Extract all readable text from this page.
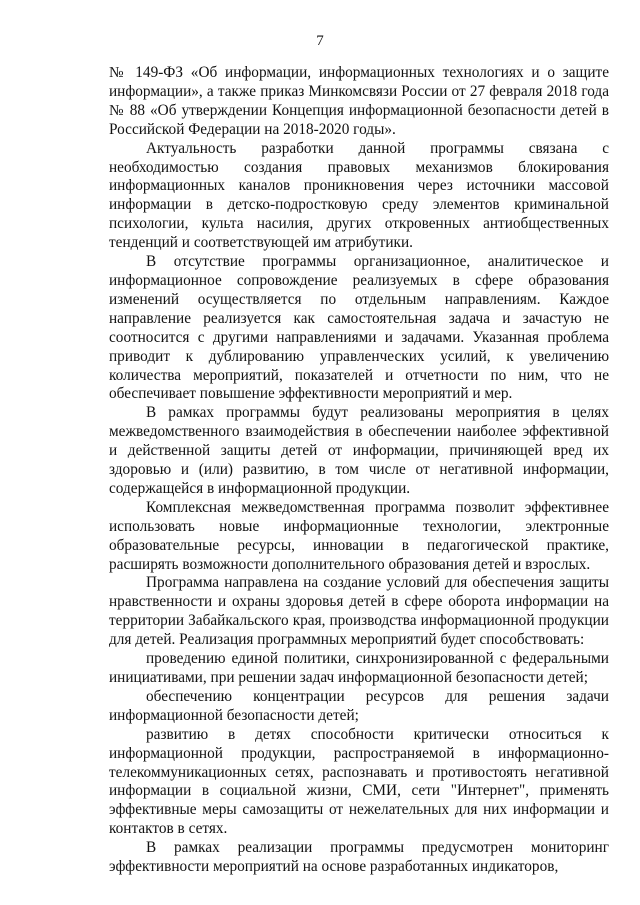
7

№ 149-ФЗ «Об информации, информационных технологиях и о защите информации», а также приказ Минкомсвязи России от 27 февраля 2018 года № 88 «Об утверждении Концепция информационной безопасности детей в Российской Федерации на 2018-2020 годы».

Актуальность разработки данной программы связана с необходимостью создания правовых механизмов блокирования информационных каналов проникновения через источники массовой информации в детско-подростковую среду элементов криминальной психологии, культа насилия, других откровенных антиобщественных тенденций и соответствующей им атрибутики.

В отсутствие программы организационное, аналитическое и информационное сопровождение реализуемых в сфере образования изменений осуществляется по отдельным направлениям. Каждое направление реализуется как самостоятельная задача и зачастую не соотносится с другими направлениями и задачами. Указанная проблема приводит к дублированию управленческих усилий, к увеличению количества мероприятий, показателей и отчетности по ним, что не обеспечивает повышение эффективности мероприятий и мер.

В рамках программы будут реализованы мероприятия в целях межведомственного взаимодействия в обеспечении наиболее эффективной и действенной защиты детей от информации, причиняющей вред их здоровью и (или) развитию, в том числе от негативной информации, содержащейся в информационной продукции.

Комплексная межведомственная программа позволит эффективнее использовать новые информационные технологии, электронные образовательные ресурсы, инновации в педагогической практике, расширять возможности дополнительного образования детей и взрослых.

Программа направлена на создание условий для обеспечения защиты нравственности и охраны здоровья детей в сфере оборота информации на территории Забайкальского края, производства информационной продукции для детей. Реализация программных мероприятий будет способствовать:

проведению единой политики, синхронизированной с федеральными инициативами, при решении задач информационной безопасности детей;

обеспечению концентрации ресурсов для решения задачи информационной безопасности детей;

развитию в детях способности критически относиться к информационной продукции, распространяемой в информационно-телекоммуникационных сетях, распознавать и противостоять негативной информации в социальной жизни, СМИ, сети "Интернет", применять эффективные меры самозащиты от нежелательных для них информации и контактов в сетях.

В рамках реализации программы предусмотрен мониторинг эффективности мероприятий на основе разработанных индикаторов,
